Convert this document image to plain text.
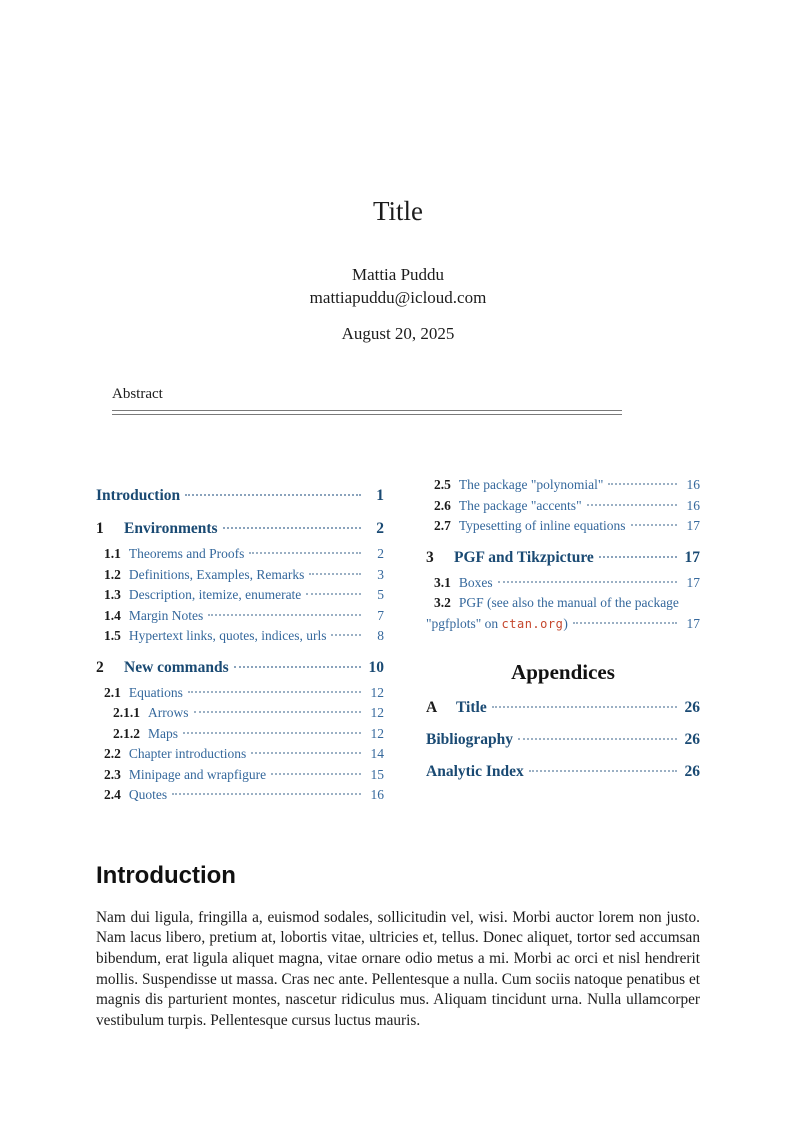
Title
Mattia Puddu
mattiapuddu@icloud.com
August 20, 2025
Abstract
Introduction	1
1	Environments	2
1.1 Theorems and Proofs	2
1.2 Definitions, Examples, Remarks	3
1.3 Description, itemize, enumerate	5
1.4 Margin Notes	7
1.5 Hypertext links, quotes, indices, urls	8
2	New commands	10
2.1 Equations	12
2.1.1 Arrows	12
2.1.2 Maps	12
2.2 Chapter introductions	14
2.3 Minipage and wrapfigure	15
2.4 Quotes	16
2.5 The package "polynomial"	16
2.6 The package "accents"	16
2.7 Typesetting of inline equations	17
3	PGF and Tikzpicture	17
3.1 Boxes	17
3.2 PGF (see also the manual of the package
"pgfplots" on ctan.org)	17
Appendices
A	Title	26
Bibliography	26
Analytic Index	26
Introduction

Nam dui ligula, fringilla a, euismod sodales, sollicitudin vel, wisi. Morbi auctor lorem non justo. Nam lacus libero, pretium at, lobortis vitae, ultricies et, tellus. Donec aliquet, tortor sed accumsan bibendum, erat ligula aliquet magna, vitae ornare odio metus a mi. Morbi ac orci et nisl hendrerit mollis. Suspendisse ut massa. Cras nec ante. Pellentesque a nulla. Cum sociis natoque penatibus et magnis dis parturient montes, nascetur ridiculus mus. Aliquam tincidunt urna. Nulla ullamcorper vestibulum turpis. Pellentesque cursus luctus mauris.
